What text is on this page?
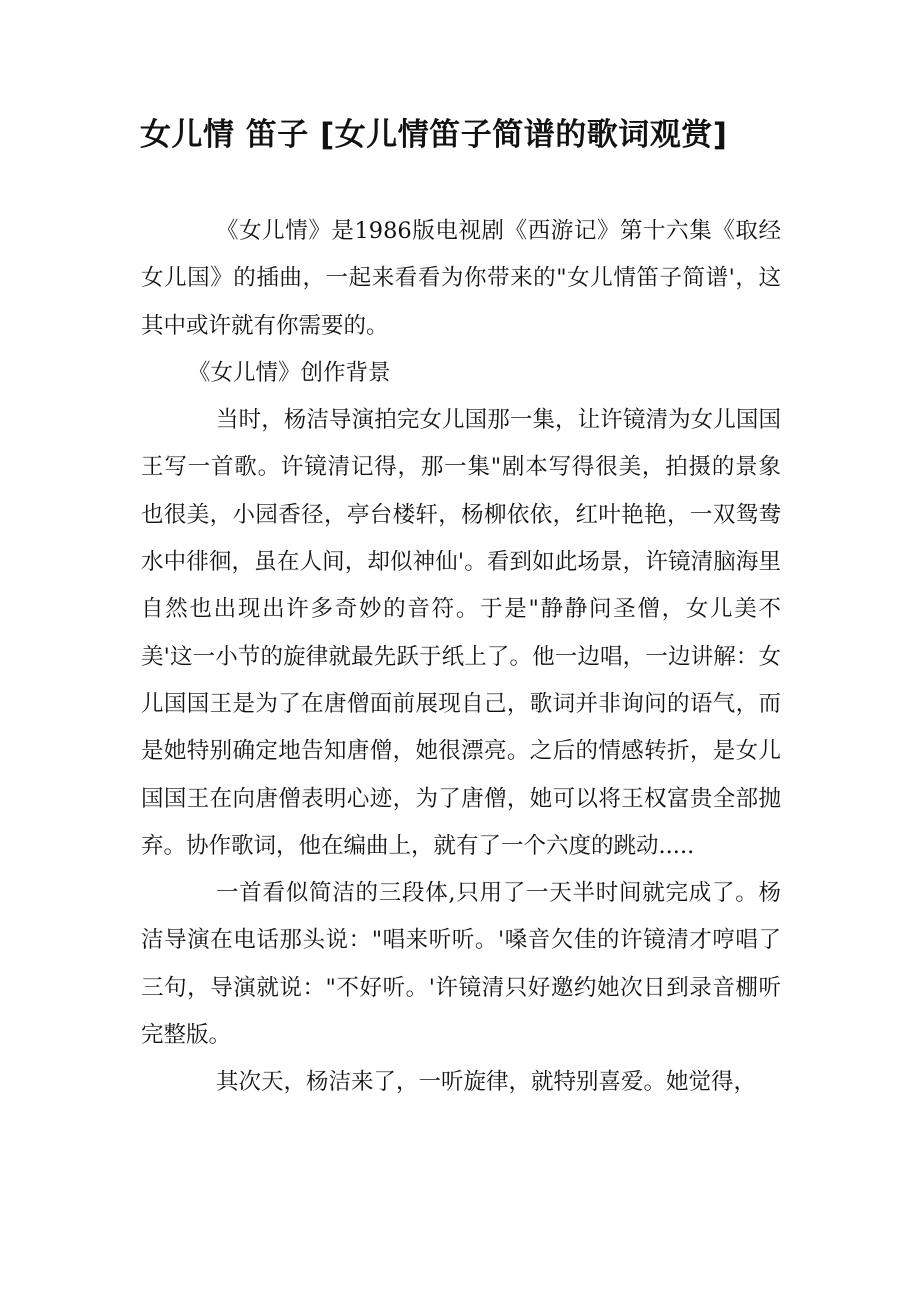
女儿情 笛子 [女儿情笛子简谱的歌词观赏]

《女儿情》是1986版电视剧《西游记》第十六集《取经女儿国》的插曲，一起来看看为你带来的"女儿情笛子简谱'，这其中或许就有你需要的。

《女儿情》创作背景

当时，杨洁导演拍完女儿国那一集，让许镜清为女儿国国王写一首歌。许镜清记得，那一集"剧本写得很美，拍摄的景象也很美，小园香径，亭台楼轩，杨柳依依，红叶艳艳，一双鸳鸯水中徘徊，虽在人间，却似神仙'。看到如此场景，许镜清脑海里自然也出现出许多奇妙的音符。于是"静静问圣僧，女儿美不美'这一小节的旋律就最先跃于纸上了。他一边唱，一边讲解：女儿国国王是为了在唐僧面前展现自己，歌词并非询问的语气，而是她特别确定地告知唐僧，她很漂亮。之后的情感转折，是女儿国国王在向唐僧表明心迹，为了唐僧，她可以将王权富贵全部抛弃。协作歌词，他在编曲上，就有了一个六度的跳动.....

一首看似简洁的三段体,只用了一天半时间就完成了。杨洁导演在电话那头说："唱来听听。'嗓音欠佳的许镜清才哼唱了三句，导演就说："不好听。'许镜清只好邀约她次日到录音棚听完整版。

其次天，杨洁来了，一听旋律，就特别喜爱。她觉得，
